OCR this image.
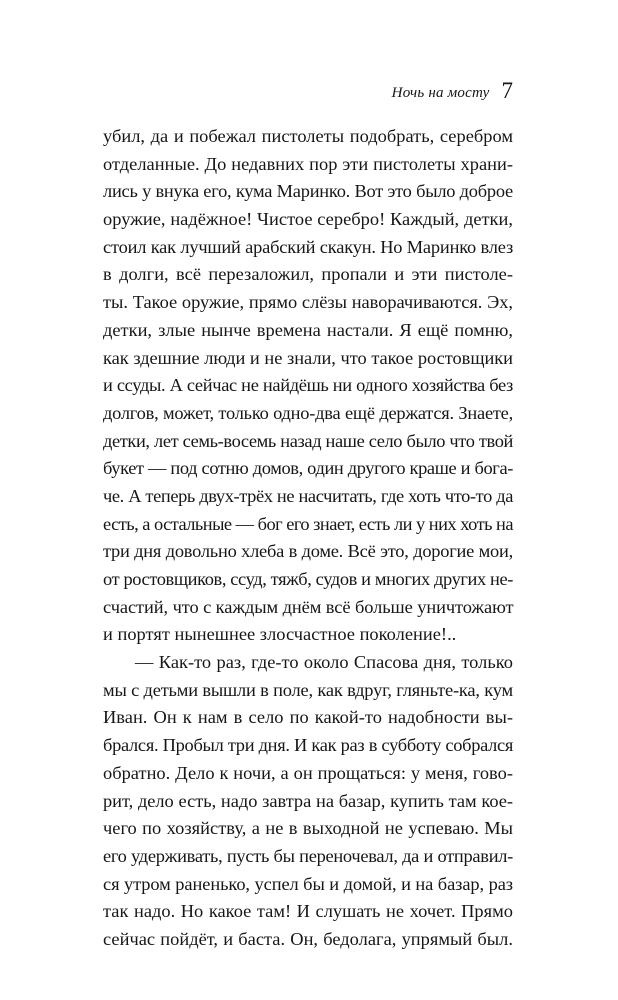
Ночь на мосту 7
убил, да и побежал пистолеты подобрать, серебром
отделанные. До недавних пор эти пистолеты храни-
лись у внука его, кума Маринко. Вот это было доброе
оружие, надёжное! Чистое серебро! Каждый, детки,
стоил как лучший арабский скакун. Но Маринко влез
в долги, всё перезаложил, пропали и эти пистоле-
ты. Такое оружие, прямо слёзы наворачиваются. Эх,
детки, злые нынче времена настали. Я ещё помню,
как здешние люди и не знали, что такое ростовщики
и ссуды. А сейчас не найдёшь ни одного хозяйства без
долгов, может, только одно-два ещё держатся. Знаете,
детки, лет семь-восемь назад наше село было что твой
букет — под сотню домов, один другого краше и бога-
че. А теперь двух-трёх не насчитать, где хоть что-то да
есть, а остальные — бог его знает, есть ли у них хоть на
три дня довольно хлеба в доме. Всё это, дорогие мои,
от ростовщиков, ссуд, тяжб, судов и многих других не-
счастий, что с каждым днём всё больше уничтожают
и портят нынешнее злосчастное поколение!..
— Как-то раз, где-то около Спасова дня, только
мы с детьми вышли в поле, как вдруг, гляньте-ка, кум
Иван. Он к нам в село по какой-то надобности вы-
брался. Пробыл три дня. И как раз в субботу собрался
обратно. Дело к ночи, а он прощаться: у меня, гово-
рит, дело есть, надо завтра на базар, купить там кое-
чего по хозяйству, а не в выходной не успеваю. Мы
его удерживать, пусть бы переночевал, да и отправил-
ся утром раненько, успел бы и домой, и на базар, раз
так надо. Но какое там! И слушать не хочет. Прямо
сейчас пойдёт, и баста. Он, бедолага, упрямый был.
